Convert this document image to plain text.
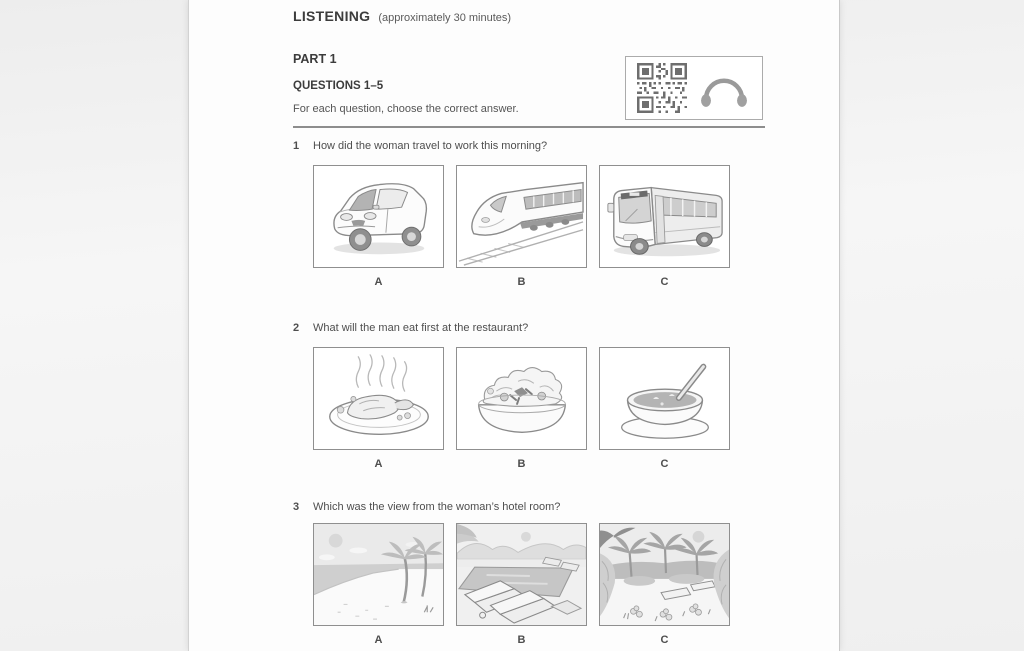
LISTENING (approximately 30 minutes)
PART 1
QUESTIONS 1–5
For each question, choose the correct answer.
1	How did the woman travel to work this morning?
A	B	C
2	What will the man eat first at the restaurant?
A	B	C
3	Which was the view from the woman’s hotel room?
A	B	C
